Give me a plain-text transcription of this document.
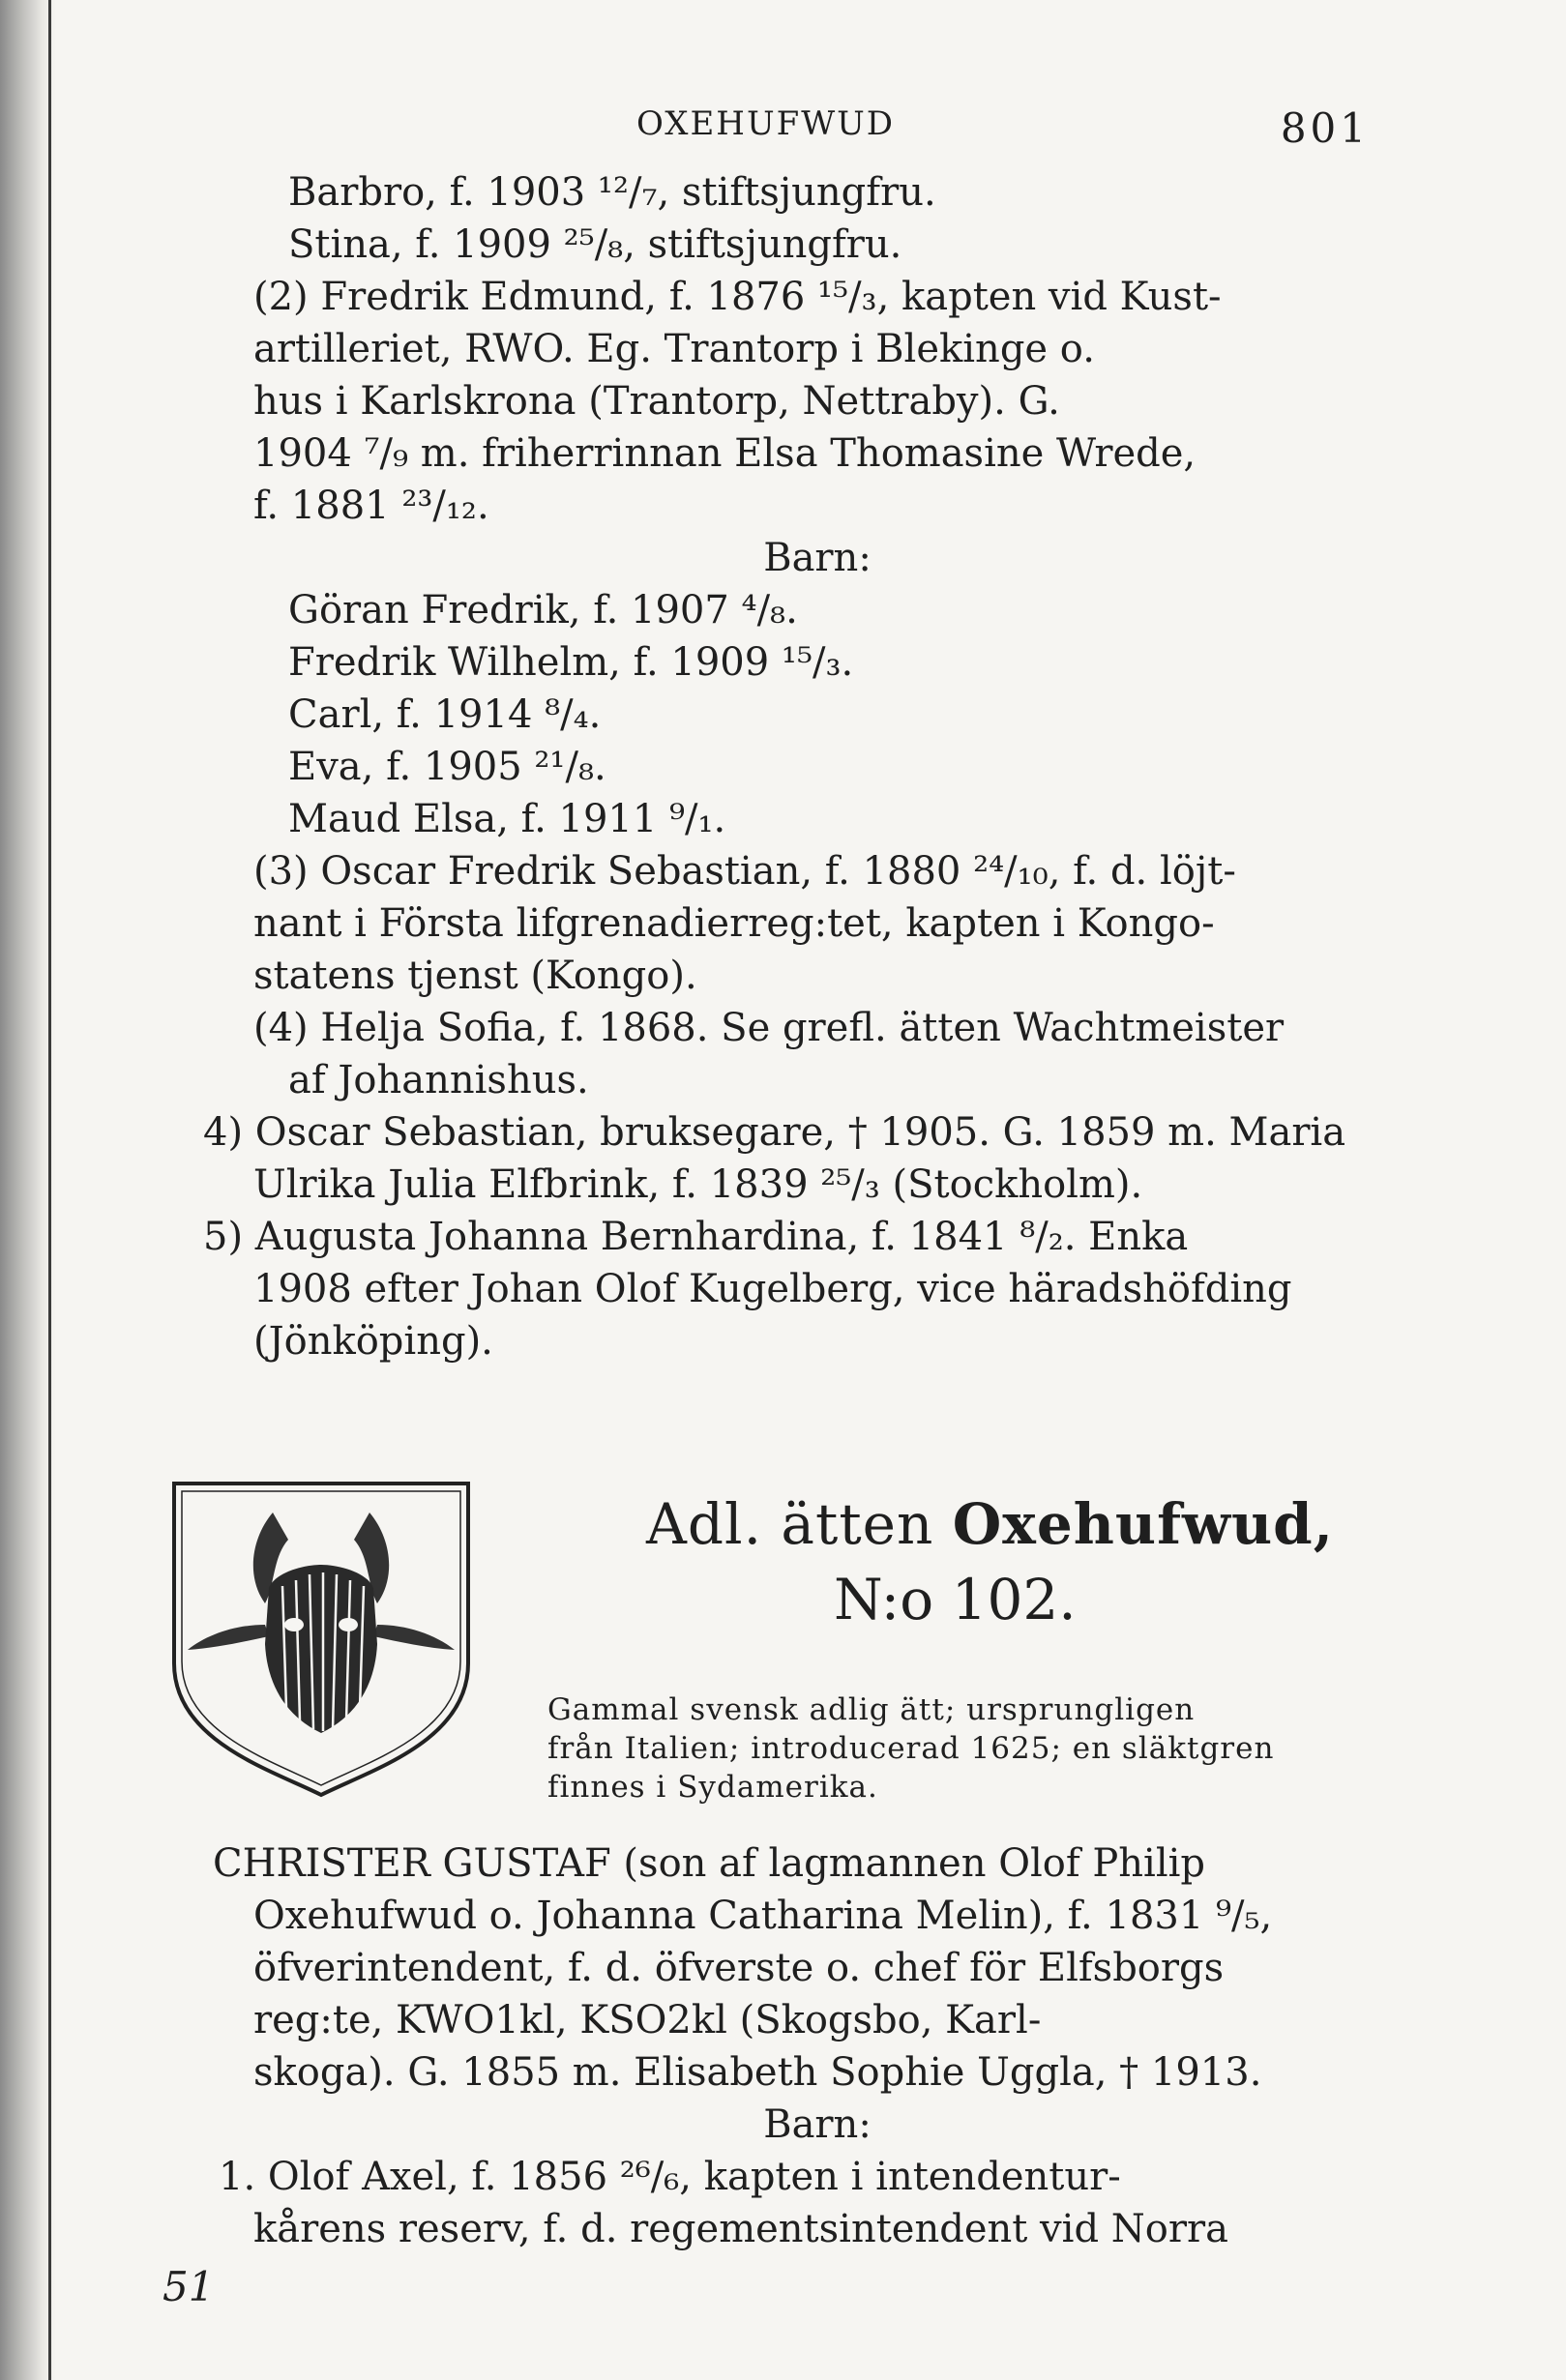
OXEHUFWUD	801
Barbro, f. 1903 ¹²/₇, stiftsjungfru.
Stina, f. 1909 ²⁵/₈, stiftsjungfru.
(2) Fredrik Edmund, f. 1876 ¹⁵/₃, kapten vid Kust-
artilleriet, RWO. Eg. Trantorp i Blekinge o.
hus i Karlskrona (Trantorp, Nettraby). G.
1904 ⁷/₉ m. friherrinnan Elsa Thomasine Wrede,
f. 1881 ²³/₁₂.
Barn:
Göran Fredrik, f. 1907 ⁴/₈.
Fredrik Wilhelm, f. 1909 ¹⁵/₃.
Carl, f. 1914 ⁸/₄.
Eva, f. 1905 ²¹/₈.
Maud Elsa, f. 1911 ⁹/₁.
(3) Oscar Fredrik Sebastian, f. 1880 ²⁴/₁₀, f. d. löjt-
nant i Första lifgrenadierreg:tet, kapten i Kongo-
statens tjenst (Kongo).
(4) Helja Sofia, f. 1868. Se grefl. ätten Wachtmeister
af Johannishus.
4) Oscar Sebastian, bruksegare, † 1905. G. 1859 m. Maria
Ulrika Julia Elfbrink, f. 1839 ²⁵/₃ (Stockholm).
5) Augusta Johanna Bernhardina, f. 1841 ⁸/₂. Enka
1908 efter Johan Olof Kugelberg, vice häradshöfding
(Jönköping).
Adl. ätten Oxehufwud,
N:o 102.
Gammal svensk adlig ätt; ursprungligen
från Italien; introducerad 1625; en släktgren
finnes i Sydamerika.
CHRISTER GUSTAF (son af lagmannen Olof Philip
Oxehufwud o. Johanna Catharina Melin), f. 1831 ⁹/₅,
öfverintendent, f. d. öfverste o. chef för Elfsborgs
reg:te, KWO1kl, KSO2kl (Skogsbo, Karl-
skoga). G. 1855 m. Elisabeth Sophie Uggla, † 1913.
Barn:
1. Olof Axel, f. 1856 ²⁶/₆, kapten i intendentur-
kårens reserv, f. d. regementsintendent vid Norra
51
